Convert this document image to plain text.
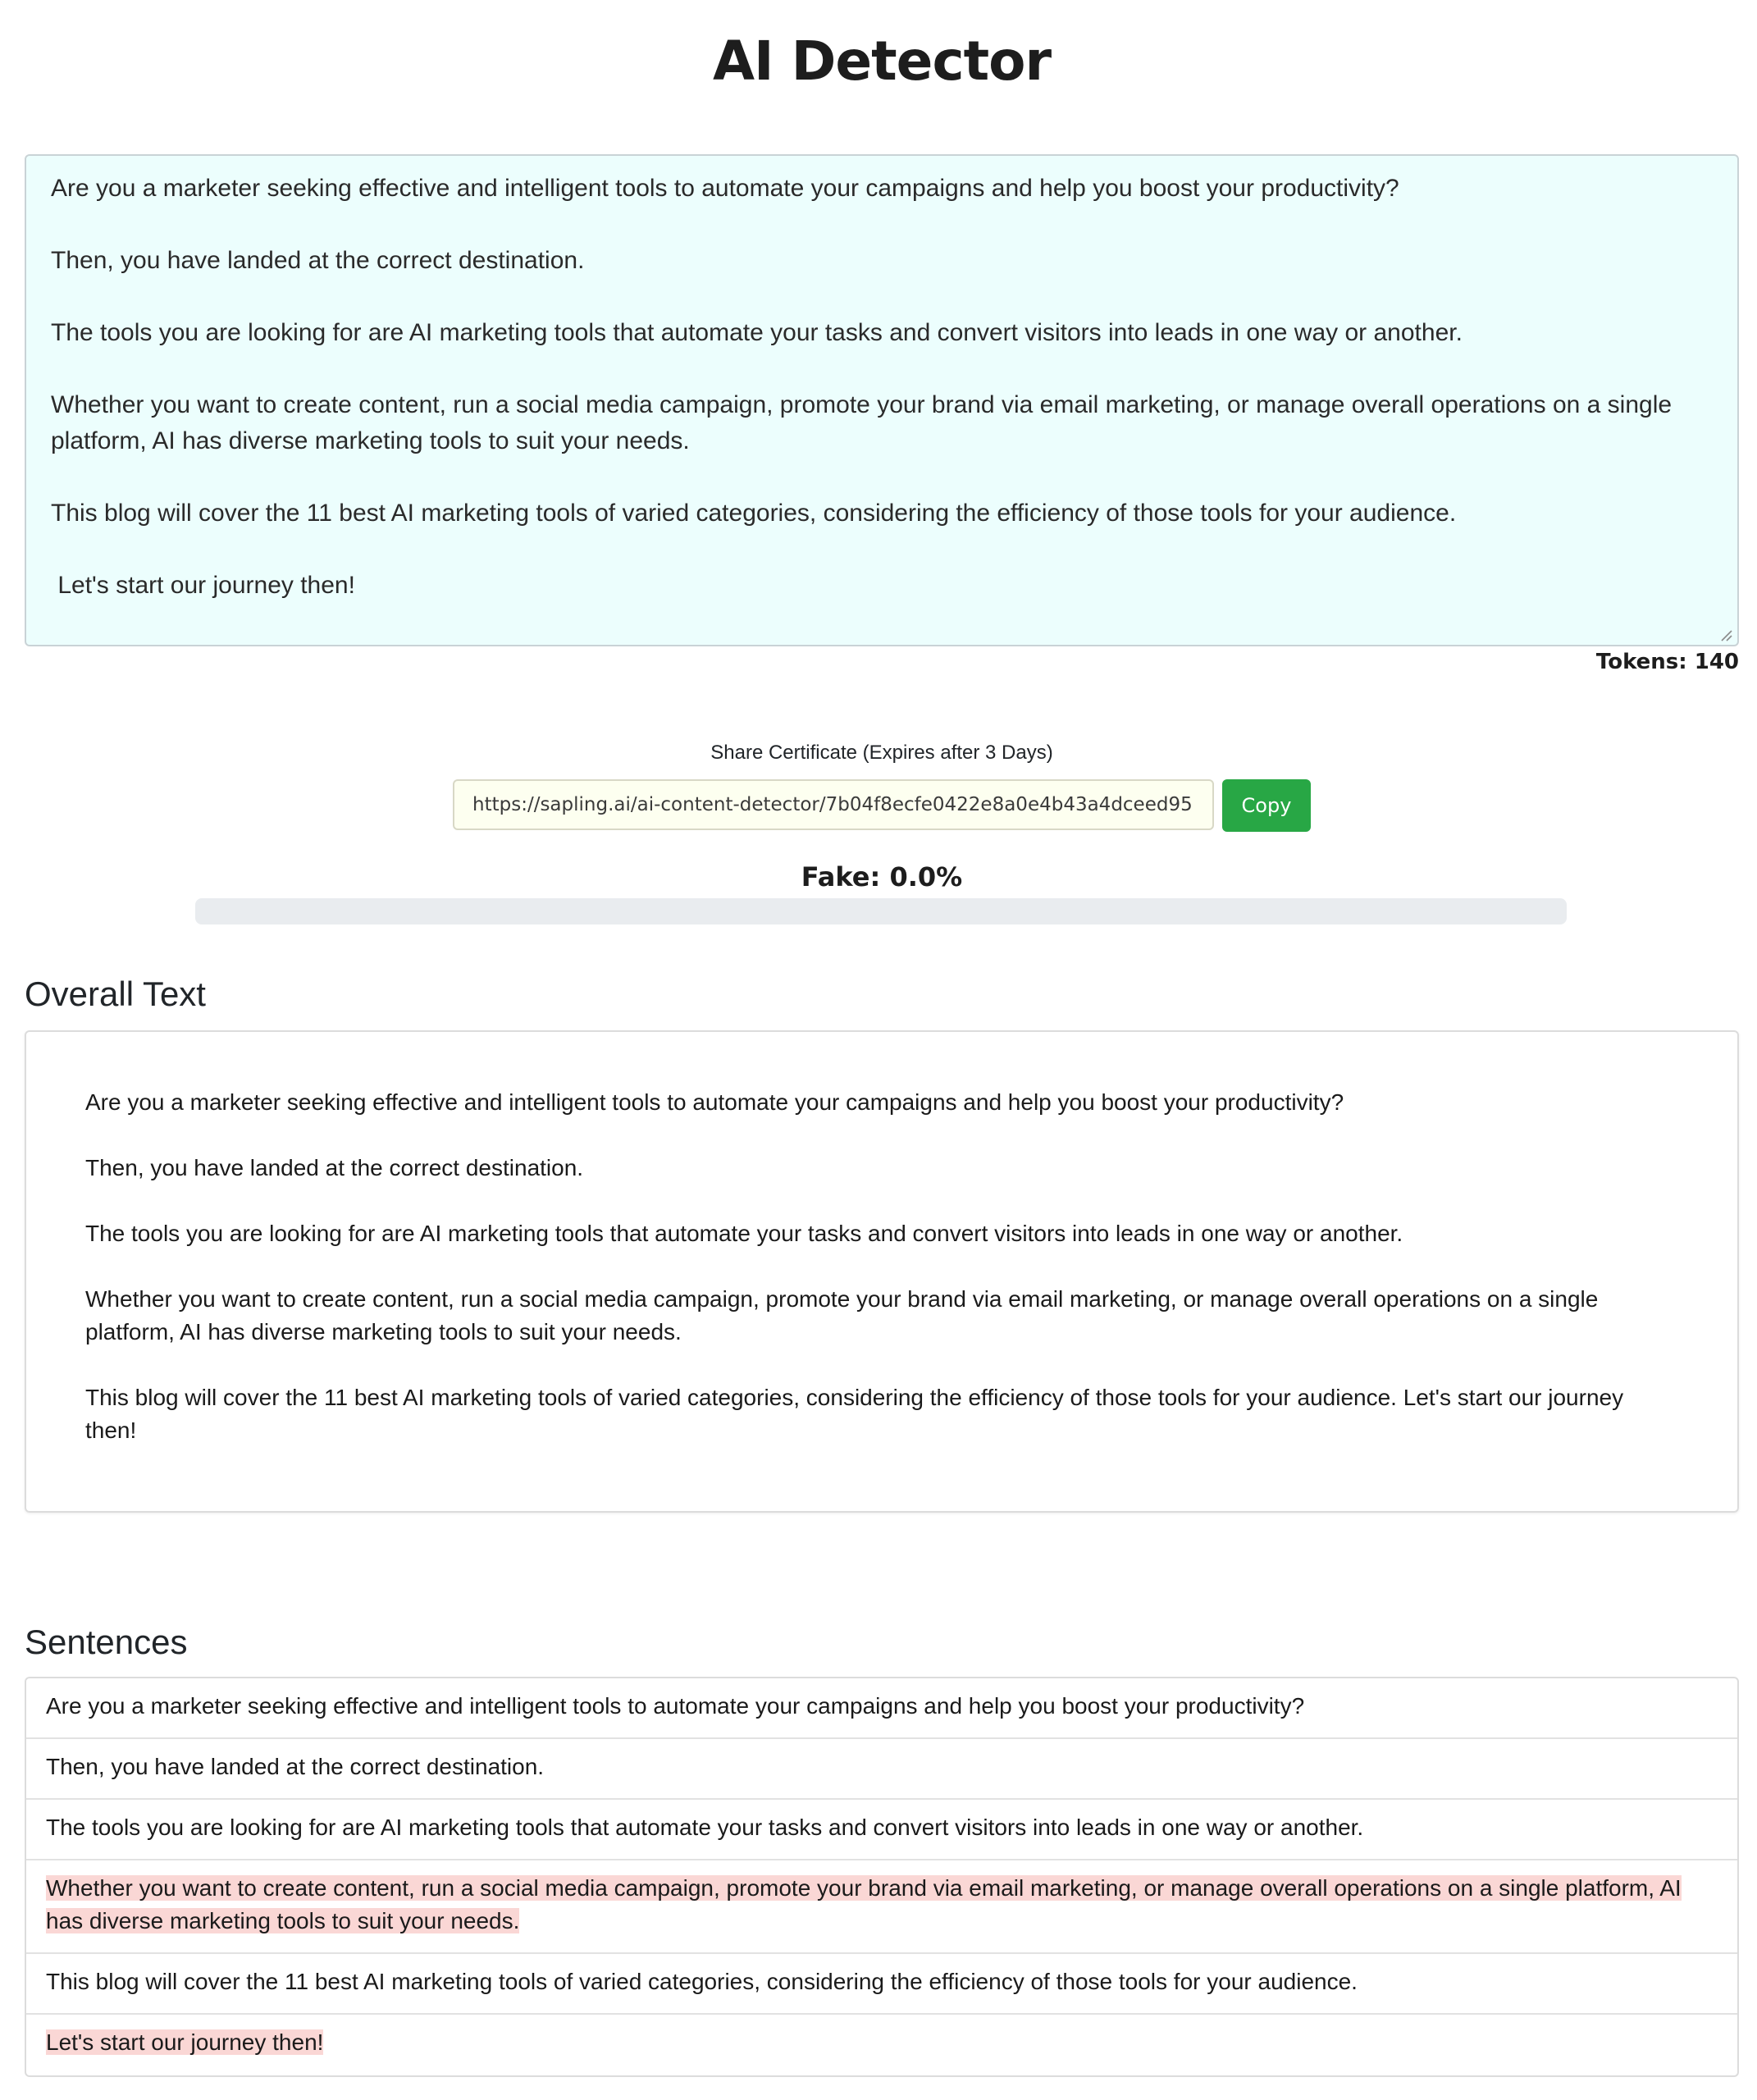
AI Detector

Are you a marketer seeking effective and intelligent tools to automate your campaigns and help you boost your productivity?

Then, you have landed at the correct destination.

The tools you are looking for are AI marketing tools that automate your tasks and convert visitors into leads in one way or another.

Whether you want to create content, run a social media campaign, promote your brand via email marketing, or manage overall operations on a single platform, AI has diverse marketing tools to suit your needs.

This blog will cover the 11 best AI marketing tools of varied categories, considering the efficiency of those tools for your audience.

Let's start our journey then!

Tokens: 140
Share Certificate (Expires after 3 Days)
https://sapling.ai/ai-content-detector/7b04f8ecfe0422e8a0e4b43a4dceed95
Copy
Fake: 0.0%
Overall Text

Are you a marketer seeking effective and intelligent tools to automate your campaigns and help you boost your productivity?

Then, you have landed at the correct destination.

The tools you are looking for are AI marketing tools that automate your tasks and convert visitors into leads in one way or another.

Whether you want to create content, run a social media campaign, promote your brand via email marketing, or manage overall operations on a single platform, AI has diverse marketing tools to suit your needs.

This blog will cover the 11 best AI marketing tools of varied categories, considering the efficiency of those tools for your audience. Let's start our journey then!

Sentences
Are you a marketer seeking effective and intelligent tools to automate your campaigns and help you boost your productivity?
Then, you have landed at the correct destination.
The tools you are looking for are AI marketing tools that automate your tasks and convert visitors into leads in one way or another.
Whether you want to create content, run a social media campaign, promote your brand via email marketing, or manage overall operations on a single platform, AI has diverse marketing tools to suit your needs.
This blog will cover the 11 best AI marketing tools of varied categories, considering the efficiency of those tools for your audience.
Let's start our journey then!
